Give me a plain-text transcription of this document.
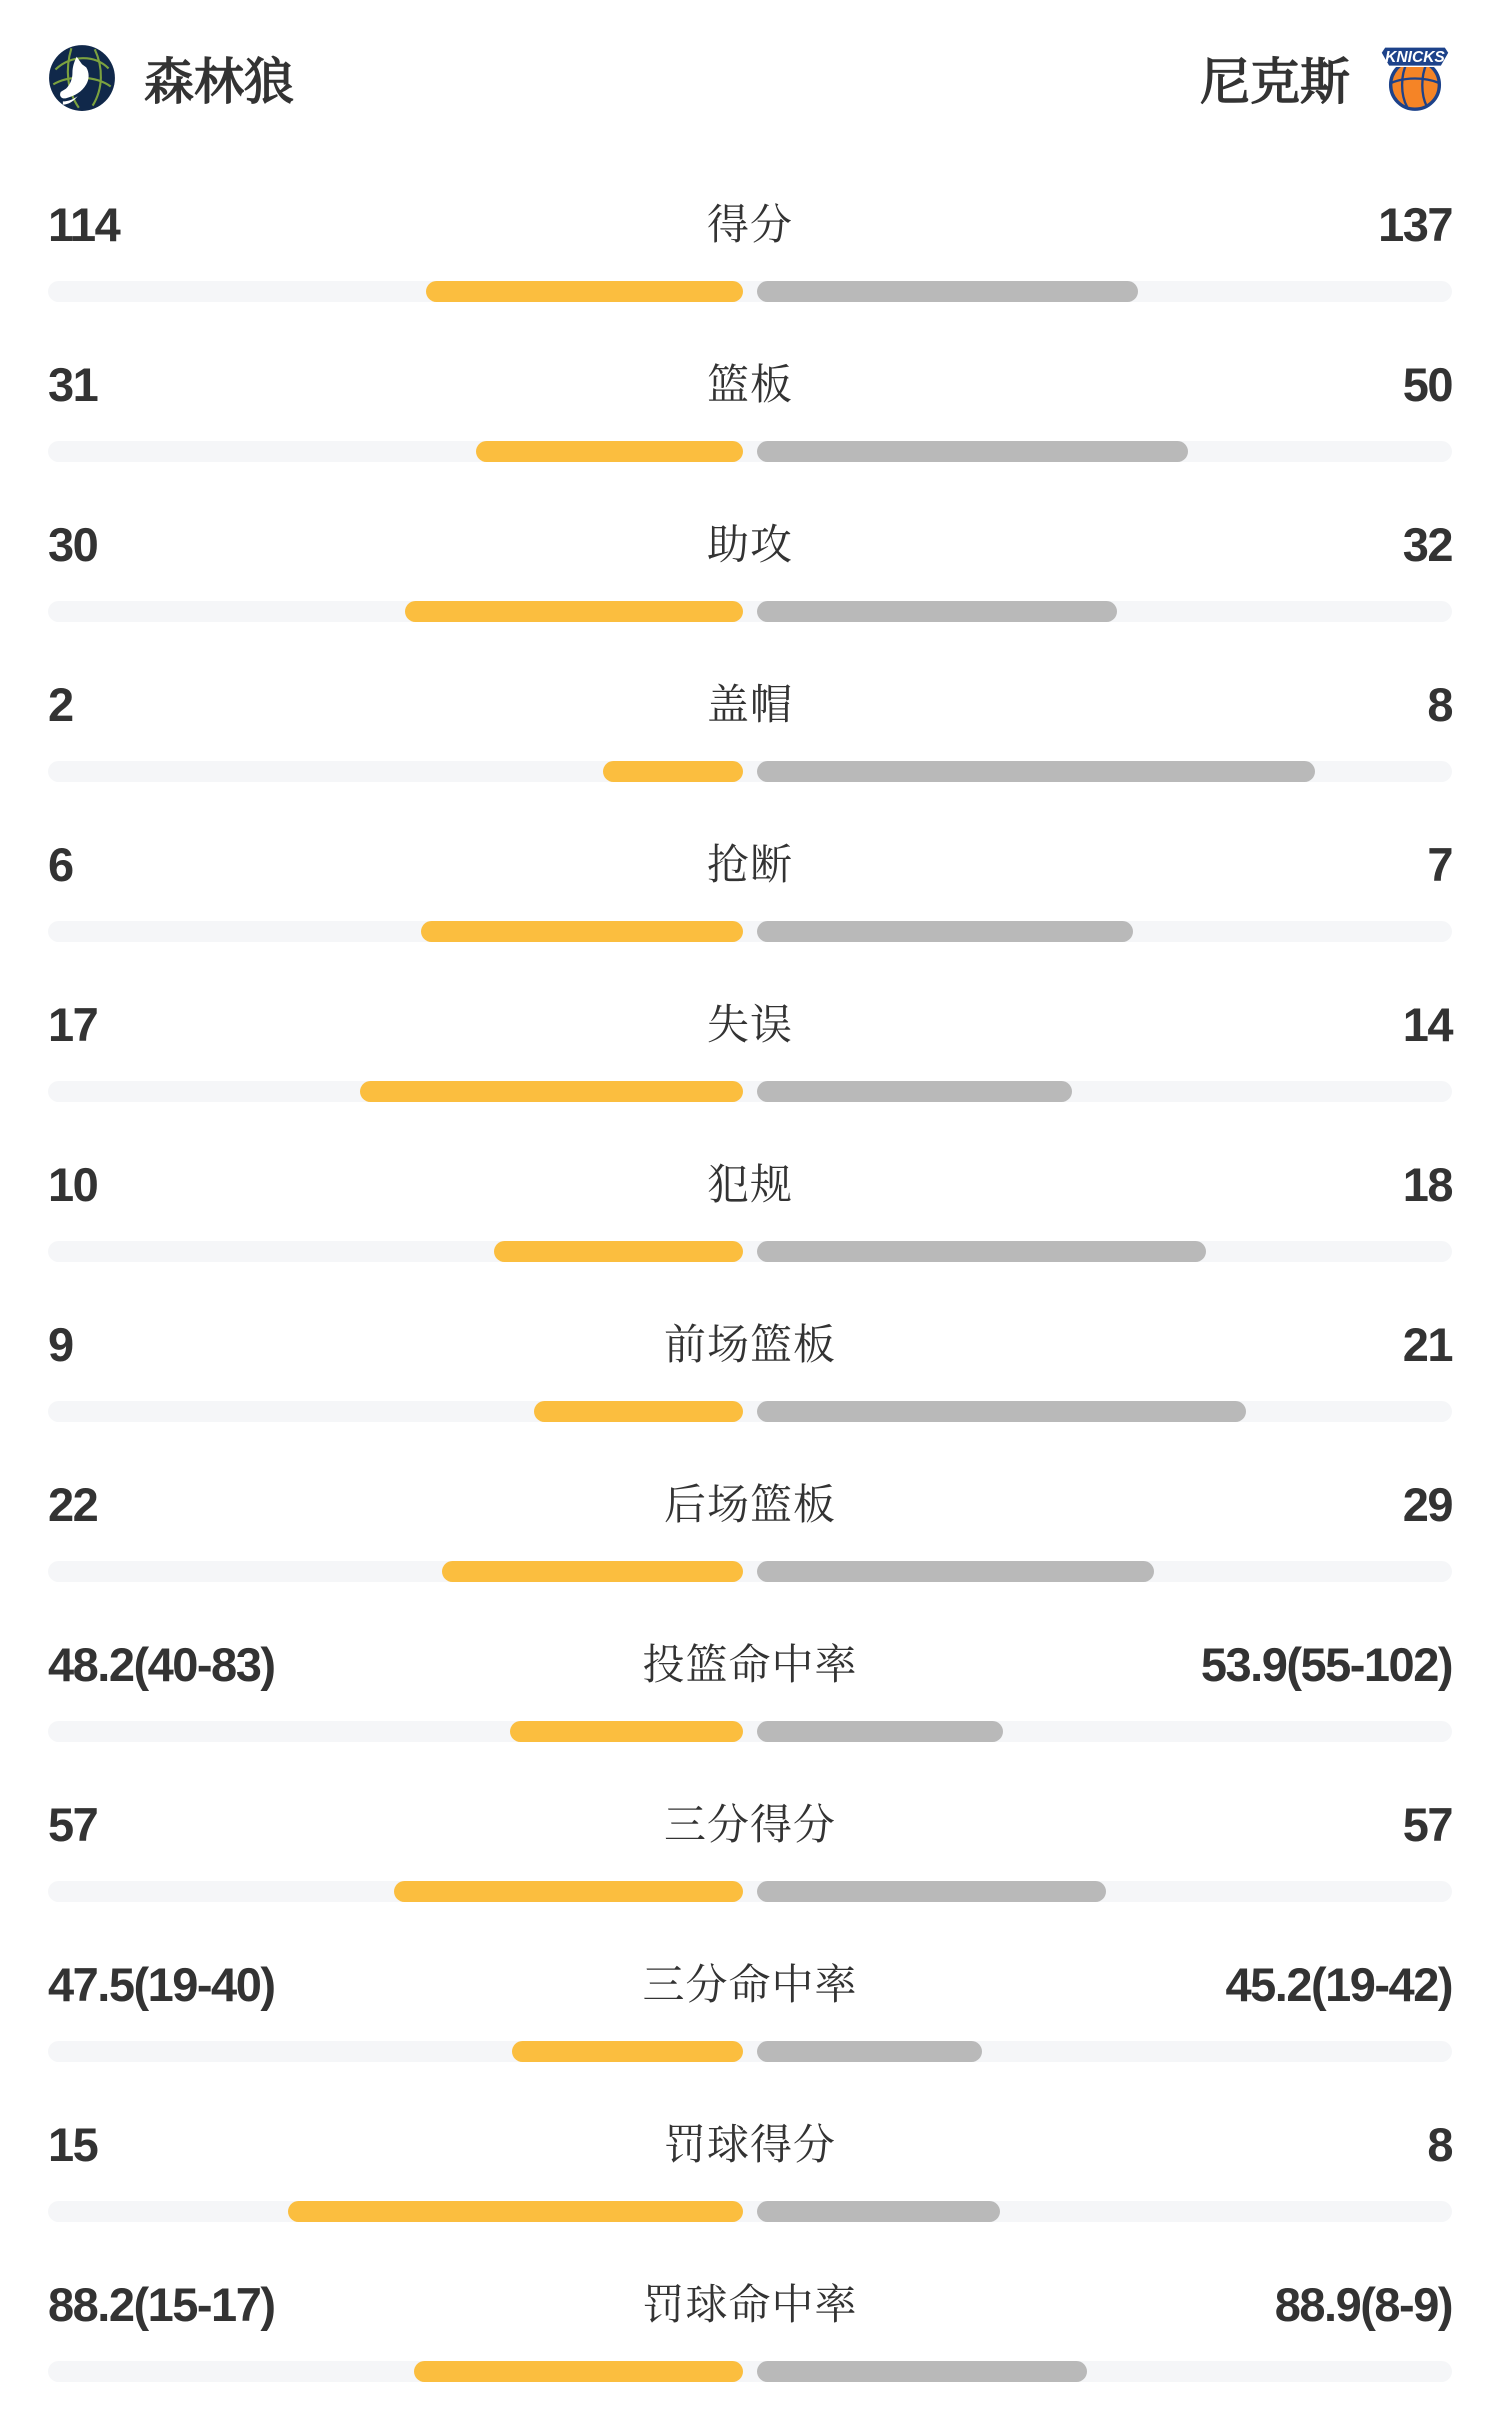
森林狼	尼克斯 KNICKS
114	得分	137
31	篮板	50
30	助攻	32
2	盖帽	8
6	抢断	7
17	失误	14
10	犯规	18
9	前场篮板	21
22	后场篮板	29
48.2(40-83)	投篮命中率	53.9(55-102)
57	三分得分	57
47.5(19-40)	三分命中率	45.2(19-42)
15	罚球得分	8
88.2(15-17)	罚球命中率	88.9(8-9)
